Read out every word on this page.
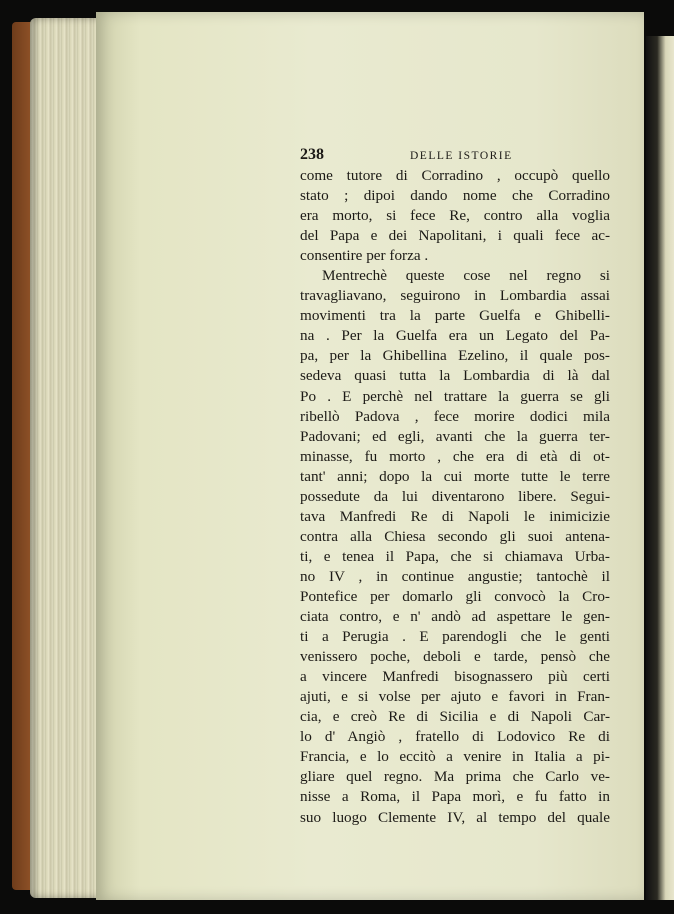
238	DELLE ISTORIE
come tutore di Corradino , occupò quello
stato ; dipoi dando nome che Corradino
era morto, si fece Re, contro alla voglia
del Papa e dei Napolitani, i quali fece ac-
consentire per forza .
Mentrechè queste cose nel regno si
travagliavano, seguirono in Lombardia assai
movimenti tra la parte Guelfa e Ghibelli-
na . Per la Guelfa era un Legato del Pa-
pa, per la Ghibellina Ezelino, il quale pos-
sedeva quasi tutta la Lombardia di là dal
Po . E perchè nel trattare la guerra se gli
ribellò Padova , fece morire dodici mila
Padovani; ed egli, avanti che la guerra ter-
minasse, fu morto , che era di età di ot-
tant' anni; dopo la cui morte tutte le terre
possedute da lui diventarono libere. Segui-
tava Manfredi Re di Napoli le inimicizie
contra alla Chiesa secondo gli suoi antena-
ti, e tenea il Papa, che si chiamava Urba-
no IV , in continue angustie; tantochè il
Pontefice per domarlo gli convocò la Cro-
ciata contro, e n' andò ad aspettare le gen-
ti a Perugia . E parendogli che le genti
venissero poche, deboli e tarde, pensò che
a vincere Manfredi bisognassero più certi
ajuti, e si volse per ajuto e favori in Fran-
cia, e creò Re di Sicilia e di Napoli Car-
lo d' Angiò , fratello di Lodovico Re di
Francia, e lo eccitò a venire in Italia a pi-
gliare quel regno. Ma prima che Carlo ve-
nisse a Roma, il Papa morì, e fu fatto in
suo luogo Clemente IV, al tempo del quale
